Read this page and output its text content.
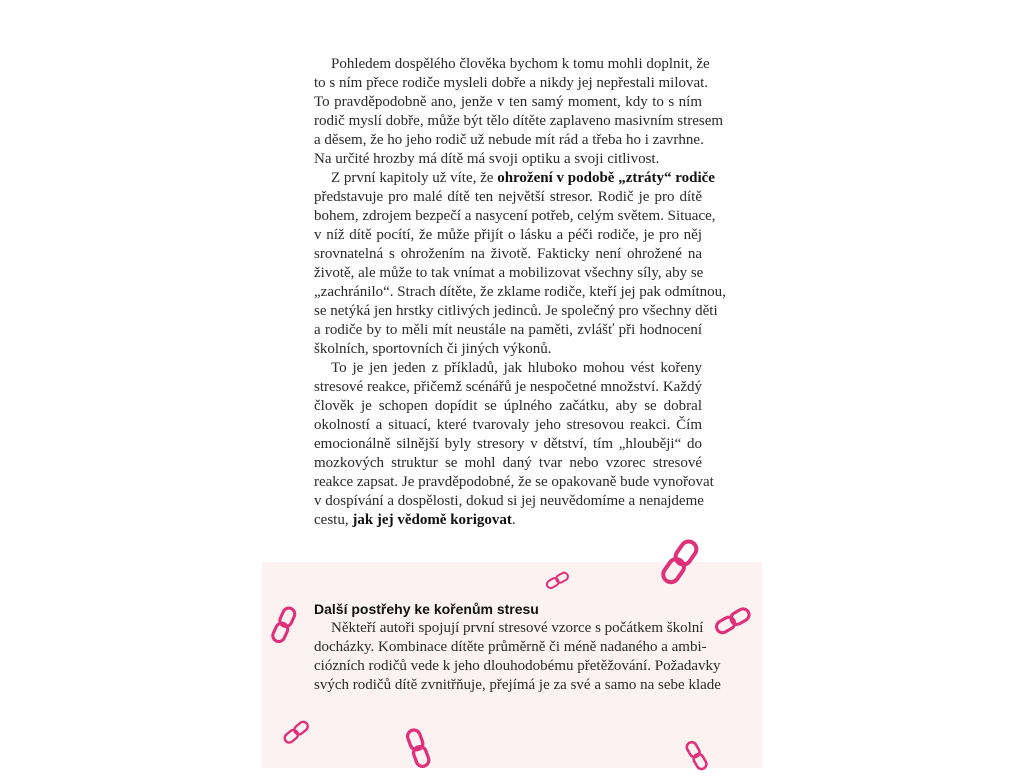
Pohledem dospělého člověka bychom k tomu mohli doplnit, že
to s ním přece rodiče mysleli dobře a nikdy jej nepřestali milovat.
To pravděpodobně ano, jenže v ten samý moment, kdy to s ním
rodič myslí dobře, může být tělo dítěte zaplaveno masivním stresem
a děsem, že ho jeho rodič už nebude mít rád a třeba ho i zavrhne.
Na určité hrozby má dítě má svoji optiku a svoji citlivost.
Z první kapitoly už víte, že ohrožení v podobě „ztráty“ rodiče
představuje pro malé dítě ten největší stresor. Rodič je pro dítě
bohem, zdrojem bezpečí a nasycení potřeb, celým světem. Situace,
v níž dítě pocítí, že může přijít o lásku a péči rodiče, je pro něj
srovnatelná s ohrožením na životě. Fakticky není ohrožené na
životě, ale může to tak vnímat a mobilizovat všechny síly, aby se
„zachránilo“. Strach dítěte, že zklame rodiče, kteří jej pak odmítnou,
se netýká jen hrstky citlivých jedinců. Je společný pro všechny děti
a rodiče by to měli mít neustále na paměti, zvlášť při hodnocení
školních, sportovních či jiných výkonů.
To je jen jeden z příkladů, jak hluboko mohou vést kořeny
stresové reakce, přičemž scénářů je nespočetné množství. Každý
člověk je schopen dopídit se úplného začátku, aby se dobral
okolností a situací, které tvarovaly jeho stresovou reakci. Čím
emocionálně silnější byly stresory v dětství, tím „hlouběji“ do
mozkových struktur se mohl daný tvar nebo vzorec stresové
reakce zapsat. Je pravděpodobné, že se opakovaně bude vynořovat
v dospívání a dospělosti, dokud si jej neuvědomíme a nenajdeme
cestu, jak jej vědomě korigovat.
Další postřehy ke kořenům stresu
Někteří autoři spojují první stresové vzorce s počátkem školní
docházky. Kombinace dítěte průměrně či méně nadaného a ambi-
ciózních rodičů vede k jeho dlouhodobému přetěžování. Požadavky
svých rodičů dítě zvnitřňuje, přejímá je za své a samo na sebe klade
